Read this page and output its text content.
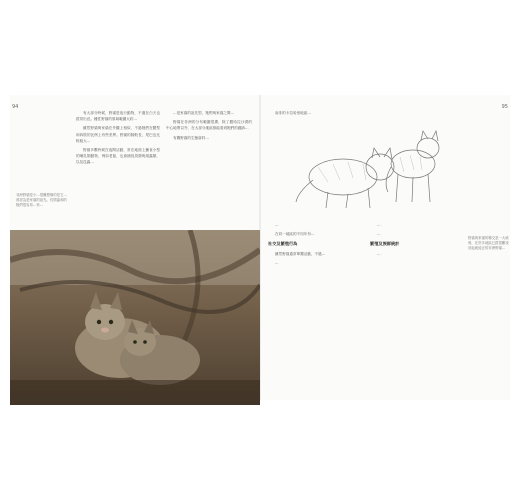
94	95
非洲野貓是小…很難想像的是它…被認為是家貓的祖先。性情溫和的牠們很容易…家…

有大部分時候，野貓是夜行動物，不過在白天也經常出沒。雌性野貓的領域範圍大約…

雖然野貓與家貓在外觀上相似，不過牠們在體型和四肢的比例上有些差異。野貓的腿較長，尾巴也比較粗大…

野貓多數時候在夜間活動，常在地面上獵食小型的哺乳類動物，例如老鼠，也會捕捉鳥類與爬蟲類，以及昆蟲…

…是家貓的祖先型，牠們與家貓之間…

野貓在非洲的分布範圍很廣，除了撒哈拉沙漠的中心地帶以外，在大部分地區都能看到牠們的蹤跡…

有關野貓的生態資料…

南非的卡拉哈里地區…

野貓與家貓的雜交是一大威脅，在許多地區已經很難找到血統純正的非洲野貓…

…

在同一地區的不同年份…

社交及繁殖行為

雖然野貓通常單獨活動，不過…

…

…

…

繁殖及族群統計

…
